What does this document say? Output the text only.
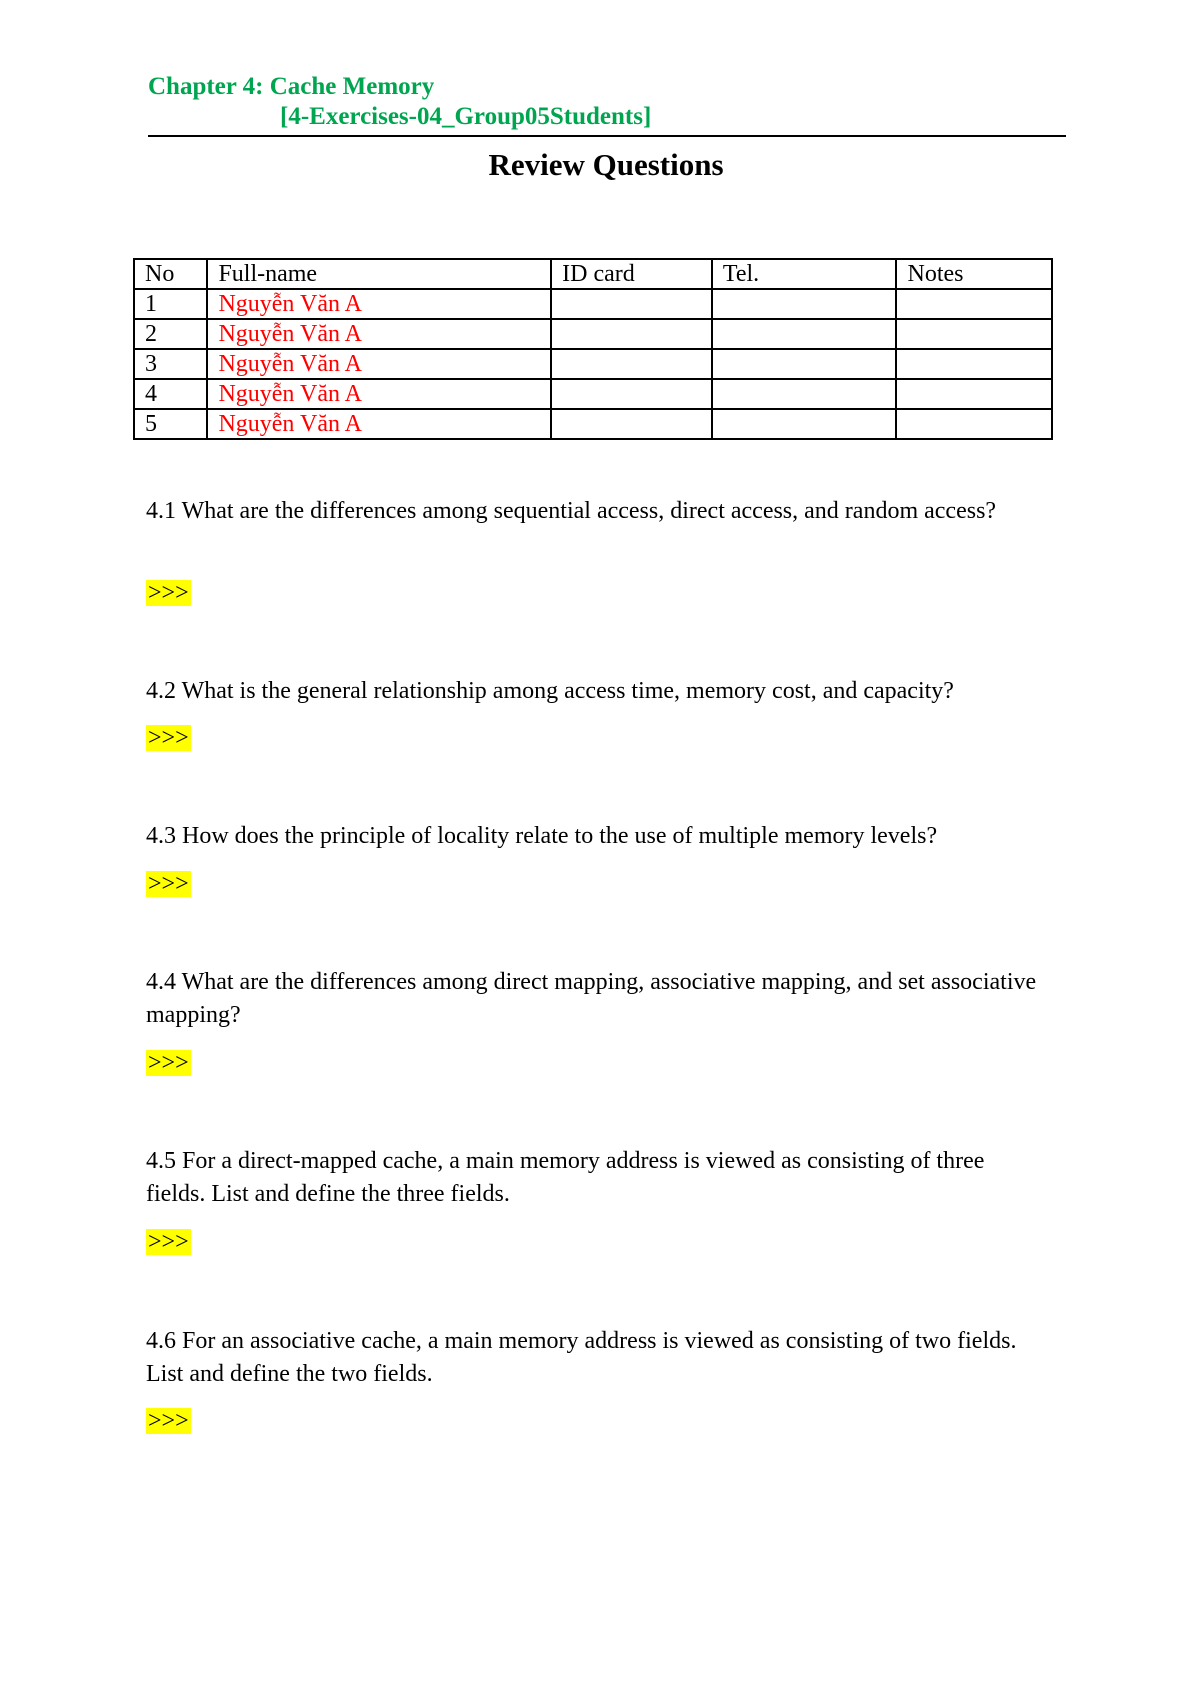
Chapter 4: Cache Memory

[4-Exercises-04_Group05Students]

Review Questions
No	Full-name	ID card	Tel.	Notes
1	Nguyễn Văn A			
2	Nguyễn Văn A			
3	Nguyễn Văn A			
4	Nguyễn Văn A			
5	Nguyễn Văn A			

4.1 What are the differences among sequential access, direct access, and random access?

>>>

4.2 What is the general relationship among access time, memory cost, and capacity?

>>>

4.3 How does the principle of locality relate to the use of multiple memory levels?

>>>

4.4 What are the differences among direct mapping, associative mapping, and set associative mapping?

>>>

4.5 For a direct-mapped cache, a main memory address is viewed as consisting of three fields. List and define the three fields.

>>>

4.6 For an associative cache, a main memory address is viewed as consisting of two fields. List and define the two fields.

>>>
